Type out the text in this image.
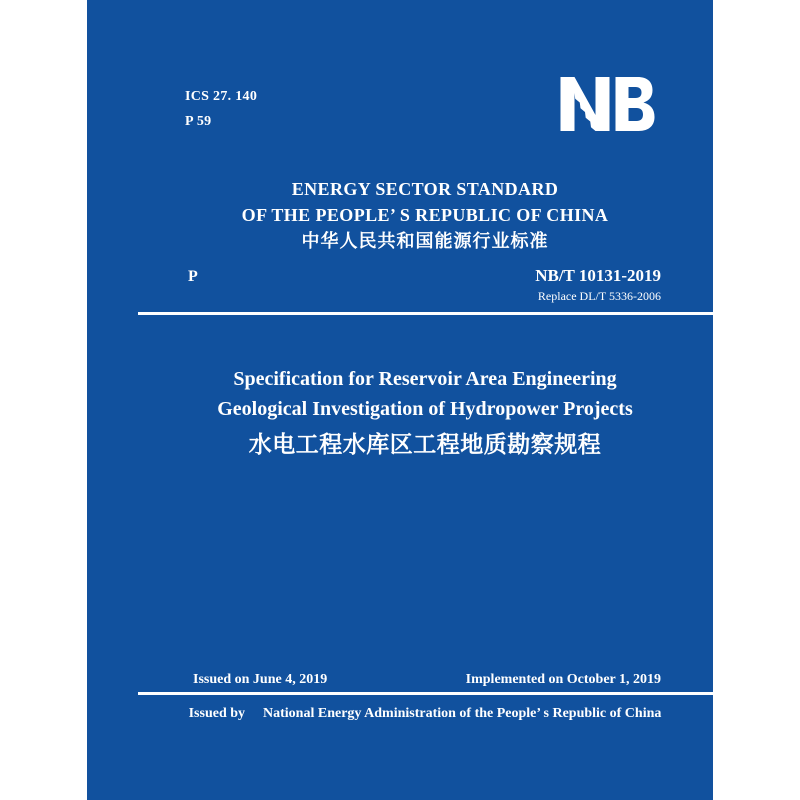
ICS 27. 140
P 59
ENERGY SECTOR STANDARD
OF THE PEOPLE’ S REPUBLIC OF CHINA
中华人民共和国能源行业标准
P	NB/T 10131-2019
Replace DL/T 5336-2006
Specification for Reservoir Area Engineering
Geological Investigation of Hydropower Projects
水电工程水库区工程地质勘察规程
Issued on June 4, 2019	Implemented on October 1, 2019
Issued by National Energy Administration of the People’ s Republic of China
